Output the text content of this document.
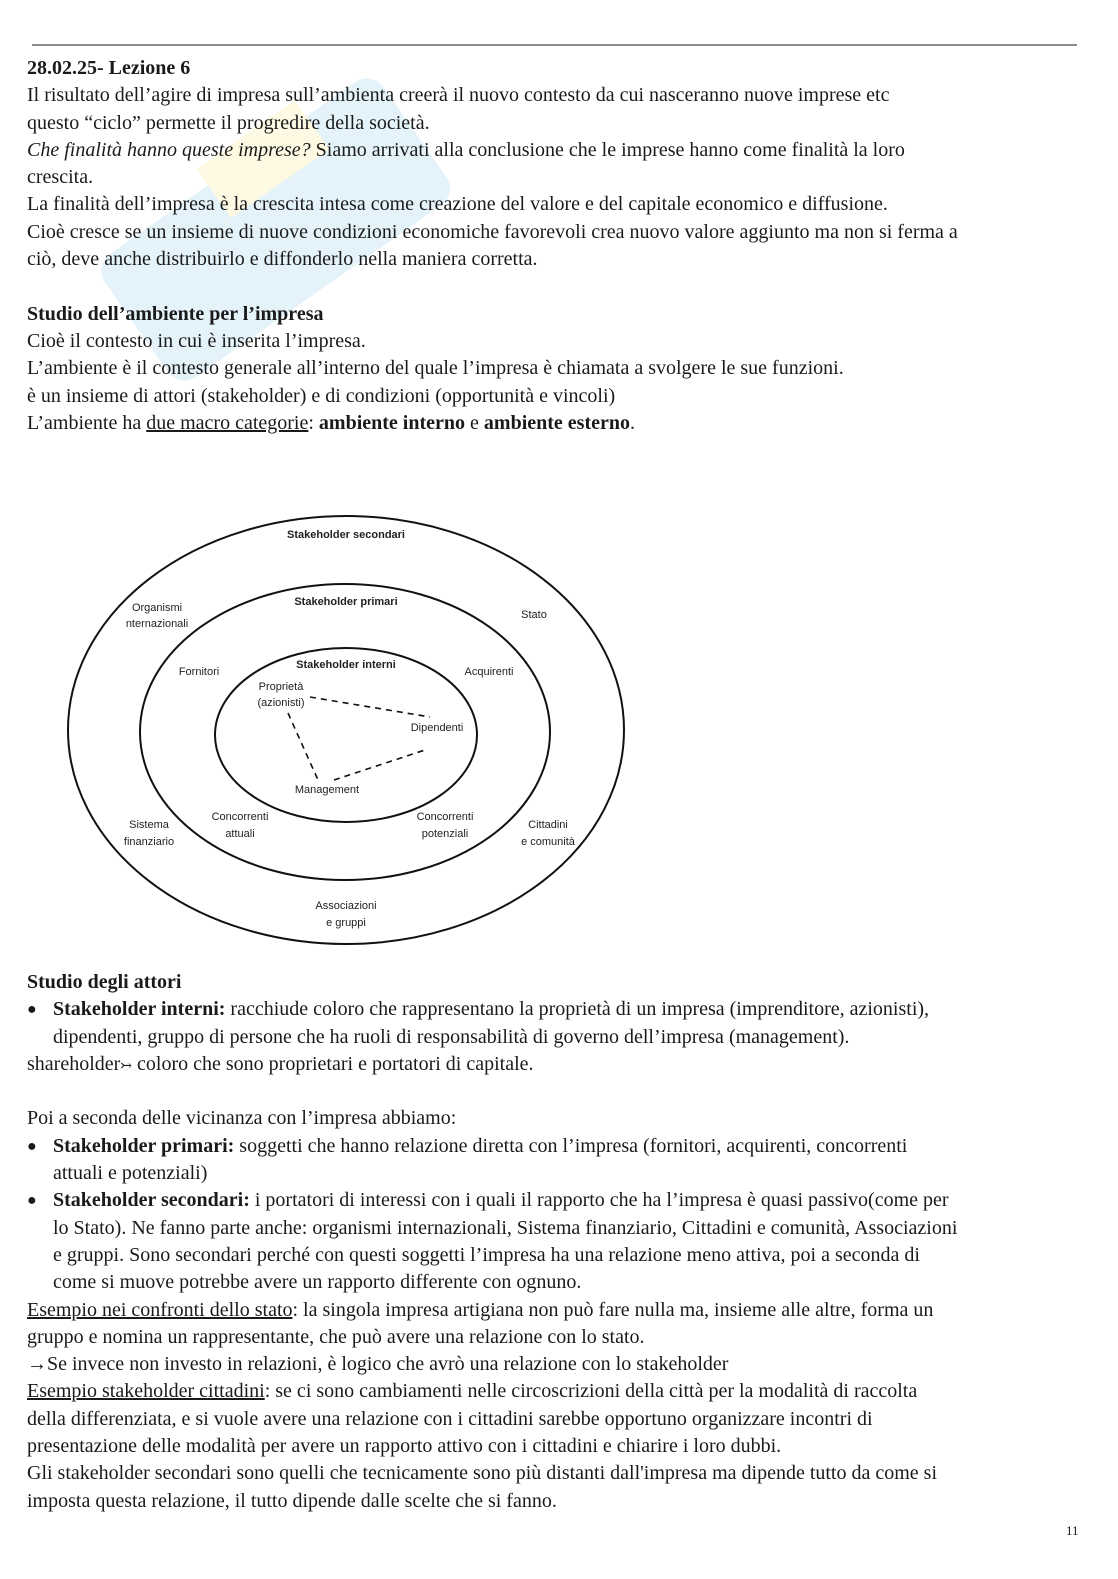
28.02.25- Lezione 6
Il risultato dell’agire di impresa sull’ambienta creerà il nuovo contesto da cui nasceranno nuove imprese etc
questo “ciclo” permette il progredire della società.
Che finalità hanno queste imprese? Siamo arrivati alla conclusione che le imprese hanno come finalità la loro
crescita.
La finalità dell’impresa è la crescita intesa come creazione del valore e del capitale economico e diffusione.
Cioè cresce se un insieme di nuove condizioni economiche favorevoli crea nuovo valore aggiunto ma non si ferma a
ciò, deve anche distribuirlo e diffonderlo nella maniera corretta.
Studio dell’ambiente per l’impresa
Cioè il contesto in cui è inserita l’impresa.
L’ambiente è il contesto generale all’interno del quale l’impresa è chiamata a svolgere le sue funzioni.
è un insieme di attori (stakeholder) e di condizioni (opportunità e vincoli)
L’ambiente ha due macro categorie: ambiente interno e ambiente esterno.
Stakeholder secondari
Stakeholder primari
Stakeholder interni
Organismi
nternazionali
Stato
Fornitori	Acquirenti
Proprietà
(azionisti)
Dipendenti
Management
Sistema
finanziario
Concorrenti
attuali
Concorrenti
potenziali
Cittadini
e comunità
Associazioni
e gruppi
Studio degli attori
● Stakeholder interni: racchiude coloro che rappresentano la proprietà di un impresa (imprenditore, azionisti),
dipendenti, gruppo di persone che ha ruoli di responsabilità di governo dell’impresa (management).
shareholder↣ coloro che sono proprietari e portatori di capitale.
Poi a seconda delle vicinanza con l’impresa abbiamo:
● Stakeholder primari: soggetti che hanno relazione diretta con l’impresa (fornitori, acquirenti, concorrenti
attuali e potenziali)
● Stakeholder secondari: i portatori di interessi con i quali il rapporto che ha l’impresa è quasi passivo(come per
lo Stato). Ne fanno parte anche: organismi internazionali, Sistema finanziario, Cittadini e comunità, Associazioni
e gruppi. Sono secondari perché con questi soggetti l’impresa ha una relazione meno attiva, poi a seconda di
come si muove potrebbe avere un rapporto differente con ognuno.
Esempio nei confronti dello stato: la singola impresa artigiana non può fare nulla ma, insieme alle altre, forma un
gruppo e nomina un rappresentante, che può avere una relazione con lo stato.
→Se invece non investo in relazioni, è logico che avrò una relazione con lo stakeholder
Esempio stakeholder cittadini: se ci sono cambiamenti nelle circoscrizioni della città per la modalità di raccolta
della differenziata, e si vuole avere una relazione con i cittadini sarebbe opportuno organizzare incontri di
presentazione delle modalità per avere un rapporto attivo con i cittadini e chiarire i loro dubbi.
Gli stakeholder secondari sono quelli che tecnicamente sono più distanti dall'impresa ma dipende tutto da come si
imposta questa relazione, il tutto dipende dalle scelte che si fanno.
11
